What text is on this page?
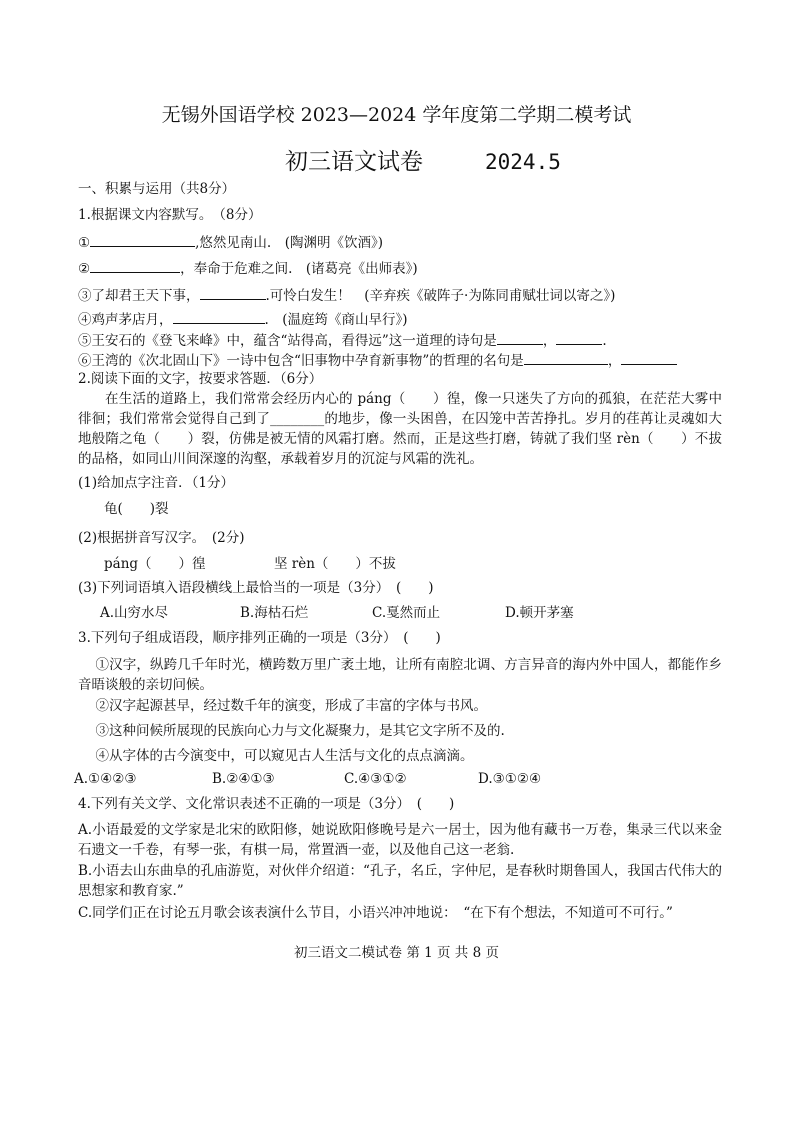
无锡外国语学校 2023—2024 学年度第二学期二模考试
初三语文试卷	2024.5
一、积累与运用（共8分）
1.根据课文内容默写。　（8分）
①	,悠然见南山.　(陶渊明《饮酒》)
②	，奉命于危难之间.　(诸葛亮《出师表》)
③了却君王天下事，	.可怜白发生！　(辛弃疾《破阵子·为陈同甫赋壮词以寄之》)
④鸡声茅店月，	.　(温庭筠《商山早行》)
⑤王安石的《登飞来峰》中，蕴含“站得高，看得远”这一道理的诗句是	，	.
⑥王湾的《次北固山下》一诗中包含“旧事物中孕育新事物”的哲理的名句是	，
2.阅读下面的文字，按要求答题．（6分）
在生活的道路上，我们常常会经历内心的 páng（　　）徨，像一只迷失了方向的孤狼，在茫茫大雾中徘徊；我们常常会觉得自己到了________的地步，像一头困兽，在囚笼中苦苦挣扎。岁月的荏苒让灵魂如大地般隋之龟（　　）裂，仿佛是被无情的风霜打磨。然而，正是这些打磨，铸就了我们坚 rèn（　　）不拔的品格，如同山川间深邃的沟壑，承载着岁月的沉淀与风霜的洗礼。
(1)给加点字注音．（1分）
龟(　　)裂
(2)根据拼音写汉字。　(2分)
páng（　　）徨	坚 rèn（　　）不拔
(3)下列词语填入语段横线上最恰当的一项是（3分）　(　　)
A.山穷水尽	B.海枯石烂	C.戛然而止	D.顿开茅塞
3.下列句子组成语段，顺序排列正确的一项是（3分）　(　　)
①汉字，纵跨几千年时光，横跨数万里广袤土地，让所有南腔北调、方言异音的海内外中国人，都能作乡音晤谈般的亲切问候。
②汉字起源甚早，经过数千年的演变，形成了丰富的字体与书风。
③这种问候所展现的民族向心力与文化凝聚力，是其它文字所不及的.
④从字体的古今演变中，可以窥见古人生活与文化的点点滴滴。
A.①④②③	B.②④①③	C.④③①②	D.③①②④
4.下列有关文学、文化常识表述不正确的一项是（3分）　(　　)
A.小语最爱的文学家是北宋的欧阳修，她说欧阳修晚号是六一居士，因为他有藏书一万卷，集录三代以来金石遗文一千卷，有琴一张，有棋一局，常置酒一壶，以及他自己这一老翁.
B.小语去山东曲阜的孔庙游览，对伙伴介绍道：“孔子，名丘，字仲尼，是春秋时期鲁国人，我国古代伟大的思想家和教育家.”
C.同学们正在讨论五月歌会该表演什么节目，小语兴冲冲地说：　“在下有个想法，不知道可不可行。”
初三语文二模试卷 第 1 页 共 8 页
